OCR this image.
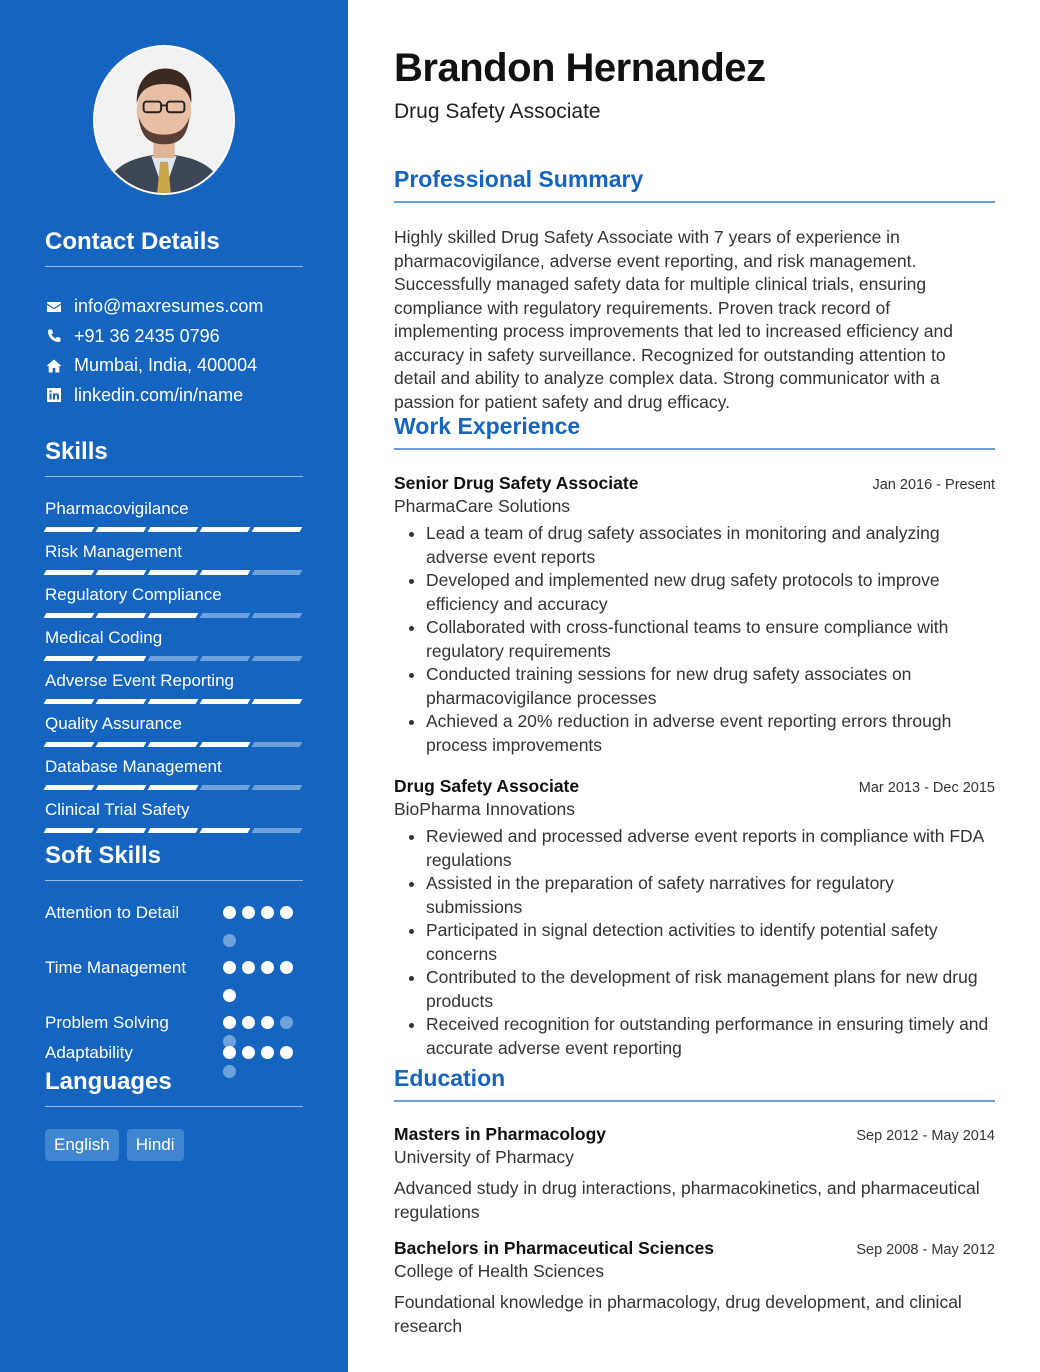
Contact Details
info@maxresumes.com
+91 36 2435 0796
Mumbai, India, 400004
linkedin.com/in/name
Skills
Pharmacovigilance
Risk Management
Regulatory Compliance
Medical Coding
Adverse Event Reporting
Quality Assurance
Database Management
Clinical Trial Safety
Soft Skills
Attention to Detail
Time Management
Problem Solving
Adaptability
Languages
English	Hindi
Brandon Hernandez
Drug Safety Associate
Professional Summary
Highly skilled Drug Safety Associate with 7 years of experience in pharmacovigilance, adverse event reporting, and risk management. Successfully managed safety data for multiple clinical trials, ensuring compliance with regulatory requirements. Proven track record of implementing process improvements that led to increased efficiency and accuracy in safety surveillance. Recognized for outstanding attention to detail and ability to analyze complex data. Strong communicator with a passion for patient safety and drug efficacy.
Work Experience
Senior Drug Safety Associate	Jan 2016 - Present
PharmaCare Solutions
• Lead a team of drug safety associates in monitoring and analyzing adverse event reports
• Developed and implemented new drug safety protocols to improve efficiency and accuracy
• Collaborated with cross-functional teams to ensure compliance with regulatory requirements
• Conducted training sessions for new drug safety associates on pharmacovigilance processes
• Achieved a 20% reduction in adverse event reporting errors through process improvements
Drug Safety Associate	Mar 2013 - Dec 2015
BioPharma Innovations
• Reviewed and processed adverse event reports in compliance with FDA regulations
• Assisted in the preparation of safety narratives for regulatory submissions
• Participated in signal detection activities to identify potential safety concerns
• Contributed to the development of risk management plans for new drug products
• Received recognition for outstanding performance in ensuring timely and accurate adverse event reporting
Education
Masters in Pharmacology	Sep 2012 - May 2014
University of Pharmacy
Advanced study in drug interactions, pharmacokinetics, and pharmaceutical regulations
Bachelors in Pharmaceutical Sciences	Sep 2008 - May 2012
College of Health Sciences
Foundational knowledge in pharmacology, drug development, and clinical research
